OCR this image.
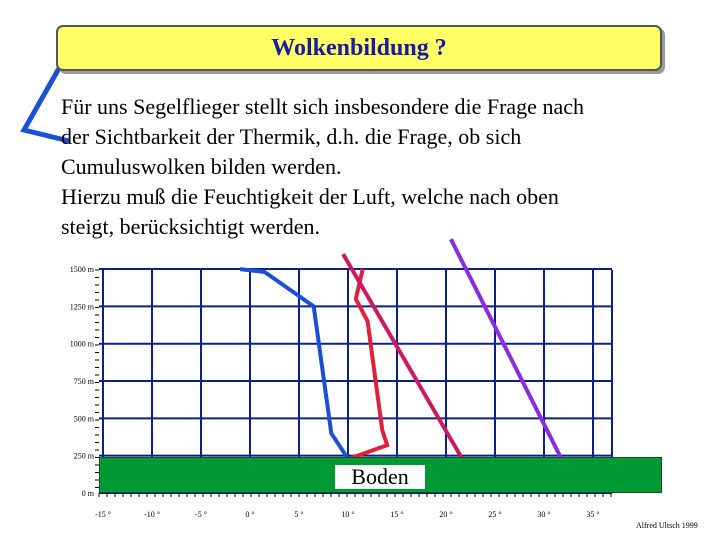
0 m
250 m
500 m
750 m
1000 m
1250 m
1500 m
-15 °	-10 °	-5 °	0 °	5 °	10 °	15 °	20 °	25 °	30 °	35 °
Wolkenbildung ?
Für uns Segelflieger stellt sich insbesondere die Frage nach
der Sichtbarkeit der Thermik, d.h. die Frage, ob sich
Cumuluswolken bilden werden.
Hierzu muß die Feuchtigkeit der Luft, welche nach oben
steigt, berücksichtigt werden.
Boden
Alfred Ultsch 1999
